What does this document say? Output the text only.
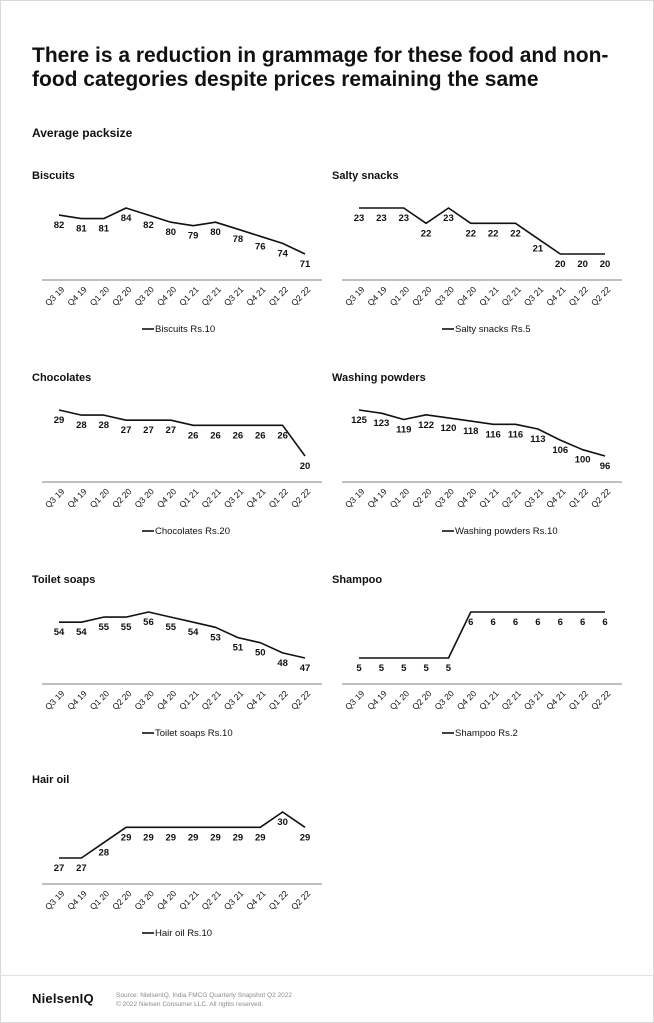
There is a reduction in grammage for these food and non-food categories despite prices remaining the same
Average packsize
Biscuits
82 81 81
84
82
80 79 80
78
76
74
71
Q3 19
Q4 19
Q1 20
Q2 20
Q3 20
Q4 20
Q1 21
Q2 21
Q3 21
Q4 21
Q1 22
Q2 22
Biscuits Rs.10
Salty snacks
23 23 23
22
23
22 22 22
21
20 20 20
Q3 19
Q4 19
Q1 20
Q2 20
Q3 20
Q4 20
Q1 21
Q2 21
Q3 21
Q4 21
Q1 22
Q2 22
Salty snacks Rs.5
Chocolates
29 28 28 27 27 27 26 26 26 26 26
20
Q3 19
Q4 19
Q1 20
Q2 20
Q3 20
Q4 20
Q1 21
Q2 21
Q3 21
Q4 21
Q1 22
Q2 22
Chocolates Rs.20
Washing powders
125 123
119 122 120 118 116 116 113
106
100
96
Q3 19
Q4 19
Q1 20
Q2 20
Q3 20
Q4 20
Q1 21
Q2 21
Q3 21
Q4 21
Q1 22
Q2 22
Washing powders Rs.10
Toilet soaps
54 54 55 55 56 55 54 53
51 50
48 47
Q3 19
Q4 19
Q1 20
Q2 20
Q3 20
Q4 20
Q1 21
Q2 21
Q3 21
Q4 21
Q1 22
Q2 22
Toilet soaps Rs.10
Shampoo
5 5 5 5 5
6 6 6 6 6 6 6
Q3 19
Q4 19
Q1 20
Q2 20
Q3 20
Q4 20
Q1 21
Q2 21
Q3 21
Q4 21
Q1 22
Q2 22
Shampoo Rs.2
Hair oil
27 27
28
29 29 29 29 29 29 29
30
29
Q3 19
Q4 19
Q1 20
Q2 20
Q3 20
Q4 20
Q1 21
Q2 21
Q3 21
Q4 21
Q1 22
Q2 22
Hair oil Rs.10
NielsenIQ	Source: NielsenIQ, India FMCG Quarterly Snapshot Q2 2022
© 2022 Nielsen Consumer LLC. All rights reserved.
